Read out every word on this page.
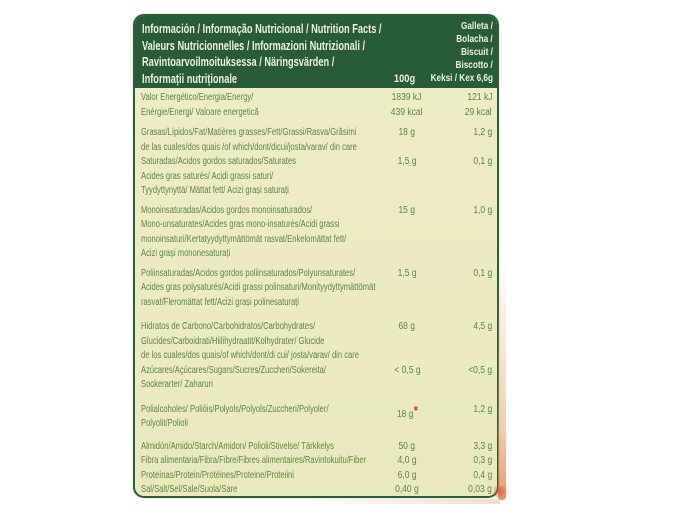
Información / Informação Nutricional / Nutrition Facts /
Valeurs Nutricionnelles / Informazioni Nutrizionali /
Ravintoarvoilmoituksessa / Näringsvärden /
Informații nutriționale
Galleta /
Bolacha /
Biscuit /
Biscotto /
Keksi / Kex 6,6g
100g
Valor Energético/Energia/Energy/	1839 kJ	121 kJ
Enérgie/Energi/ Valoare energetică	439 kcal	29 kcal
Grasas/Lípidos/Fat/Matières grasses/Fett/Grassi/Rasva/Grăsimi	18 g	1,2 g
de las cuales/dos quais /of which/dont/dicui/josta/varav/ din care
Saturadas/Acidos gordos saturados/Saturates	1,5 g	0,1 g
Acides gras saturés/ Acidi grassi saturi/
Tyydyttynyttä/ Mättat fett/ Acizi grași saturați
Monoinsaturadas/Acidos gordos monoinsaturados/	15 g	1,0 g
Mono-unsaturates/Acides gras mono-insaturés/Acidi grassi
monoinsaturi/Kertatyydyttymättömät rasvat/Enkelomättat fett/
Acizi grași mononesaturați
Poliinsaturadas/Acidos gordos poliinsaturados/Polyunsaturates/	1,5 g	0,1 g
Acides gras polysaturés/Acidi grassi polinsaturi/Monityydyttymättömät
rasvat/Fleromättat fett/Acizi grași polinesaturați
Hidratos de Carbono/Carbohidratos/Carbohydrates/	68 g	4,5 g
Glucides/Carboidrati/Hiilihydraatit/Kolhydrater/ Glucide
de los cuales/dos quais/of which/dont/di cui/ josta/varav/ din care
Azúcares/Açúcares/Sugars/Sucres/Zuccheri/Sokereita/	< 0,5 g	<0,5 g
Sockerarter/ Zaharuri
Polialcoholes/ Polióis/Polyols/Polyols/Zuccheri/Polyoler/	18 g✱	1,2 g
Polyolit/Polioli
Almidón/Amido/Starch/Amidon/ Polioli/Stivelse/ Tärkkelys	50 g	3,3 g
Fibra alimentaria/Fibra/Fibre/Fibres alimentaires/Ravintokuitu/Fiber	4,0 g	0,3 g
Proteínas/Protein/Protéines/Proteine/Proteiini	6,0 g	0,4 g
Sal/Salt/Sel/Sale/Suola/Sare	0,40 g	0,03 g
